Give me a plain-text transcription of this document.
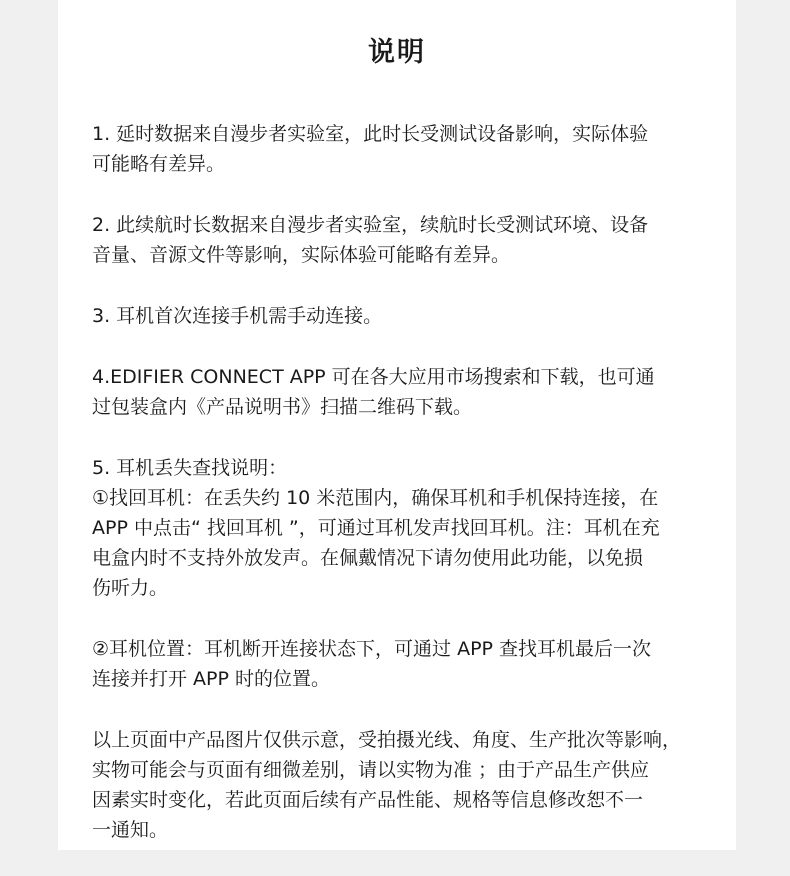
说明
1. 延时数据来自漫步者实验室，此时长受测试设备影响，实际体验
可能略有差异。
2. 此续航时长数据来自漫步者实验室，续航时长受测试环境、设备
音量、音源文件等影响，实际体验可能略有差异。
3. 耳机首次连接手机需手动连接。
4.EDIFIER CONNECT APP 可在各大应用市场搜索和下载，也可通
过包装盒内《产品说明书》扫描二维码下载。
5. 耳机丢失查找说明：
①找回耳机：在丢失约 10 米范围内，确保耳机和手机保持连接，在
APP 中点击“ 找回耳机 ”，可通过耳机发声找回耳机。注：耳机在充
电盒内时不支持外放发声。在佩戴情况下请勿使用此功能，以免损
伤听力。
②耳机位置：耳机断开连接状态下，可通过 APP 查找耳机最后一次
连接并打开 APP 时的位置。
以上页面中产品图片仅供示意，受拍摄光线、角度、生产批次等影响，
实物可能会与页面有细微差别，请以实物为准 ；由于产品生产供应
因素实时变化，若此页面后续有产品性能、规格等信息修改恕不一
一通知。
